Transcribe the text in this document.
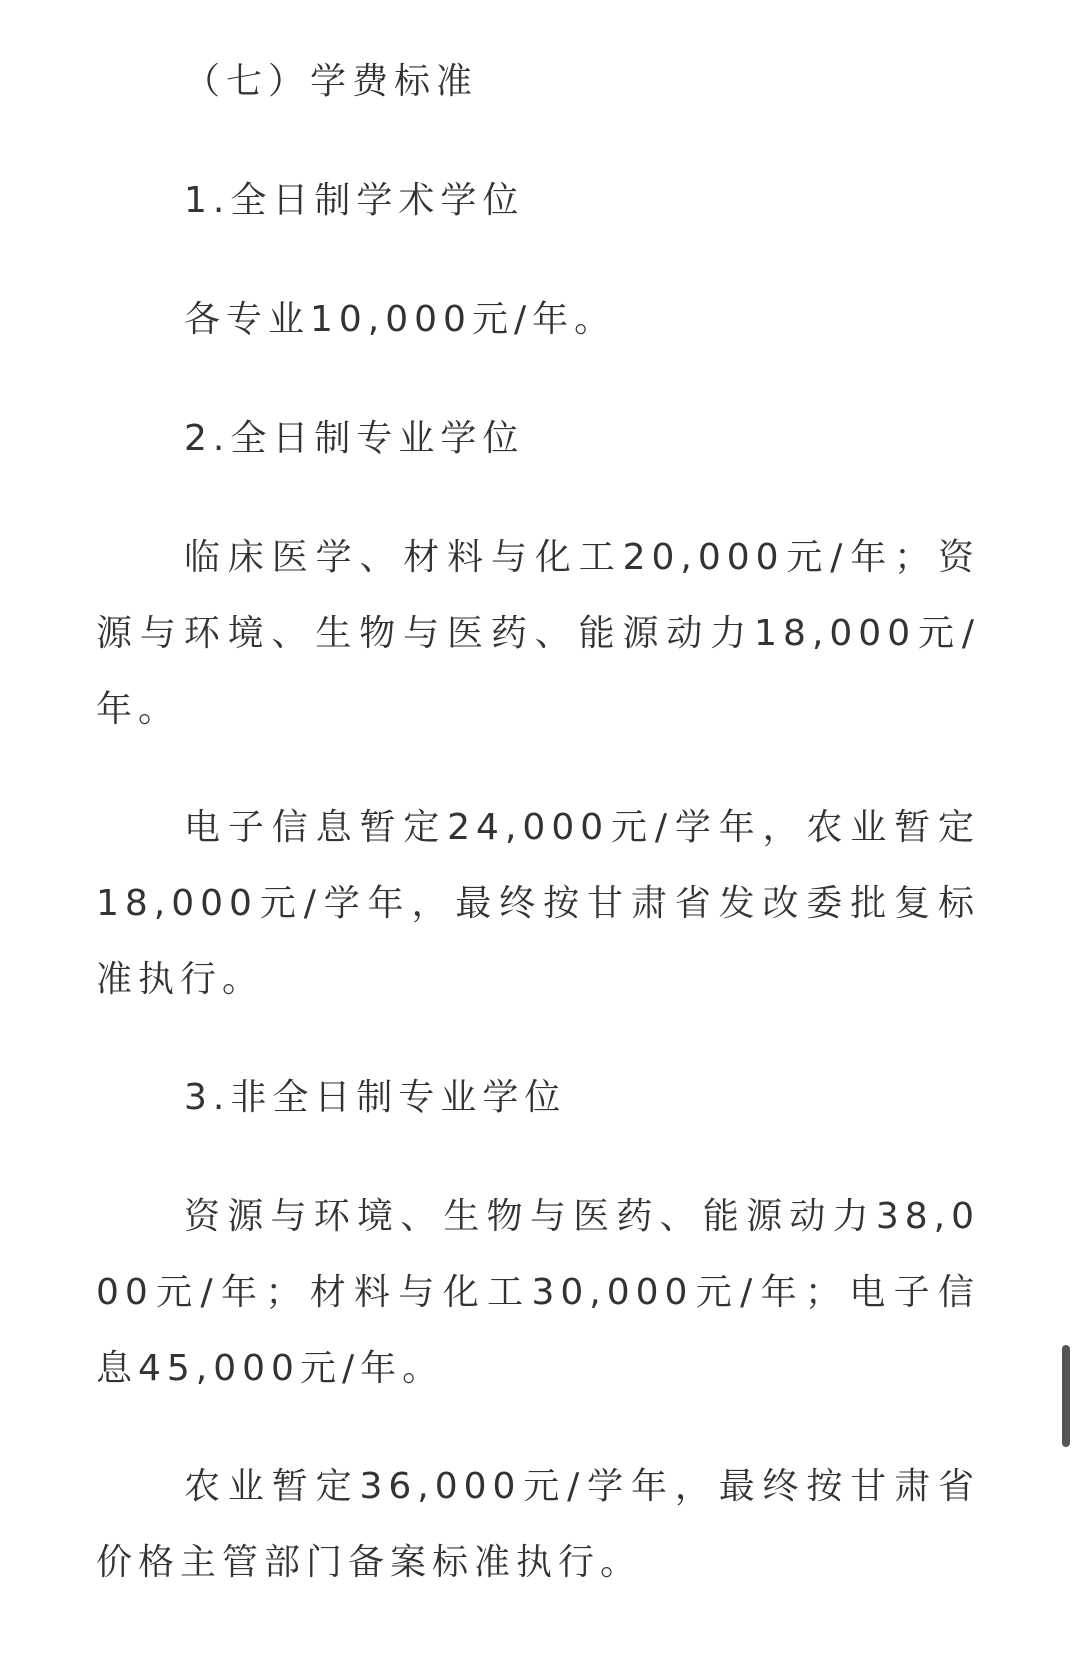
（七）学费标准
1.全日制学术学位
各专业10,000元/年。
2.全日制专业学位
临床医学、材料与化工20,000元/年；资源与环境、生物与医药、能源动力18,000元/年。
电子信息暂定24,000元/学年，农业暂定18,000元/学年，最终按甘肃省发改委批复标准执行。
3.非全日制专业学位
资源与环境、生物与医药、能源动力38,000元/年；材料与化工30,000元/年；电子信息45,000元/年。
农业暂定36,000元/学年，最终按甘肃省价格主管部门备案标准执行。
